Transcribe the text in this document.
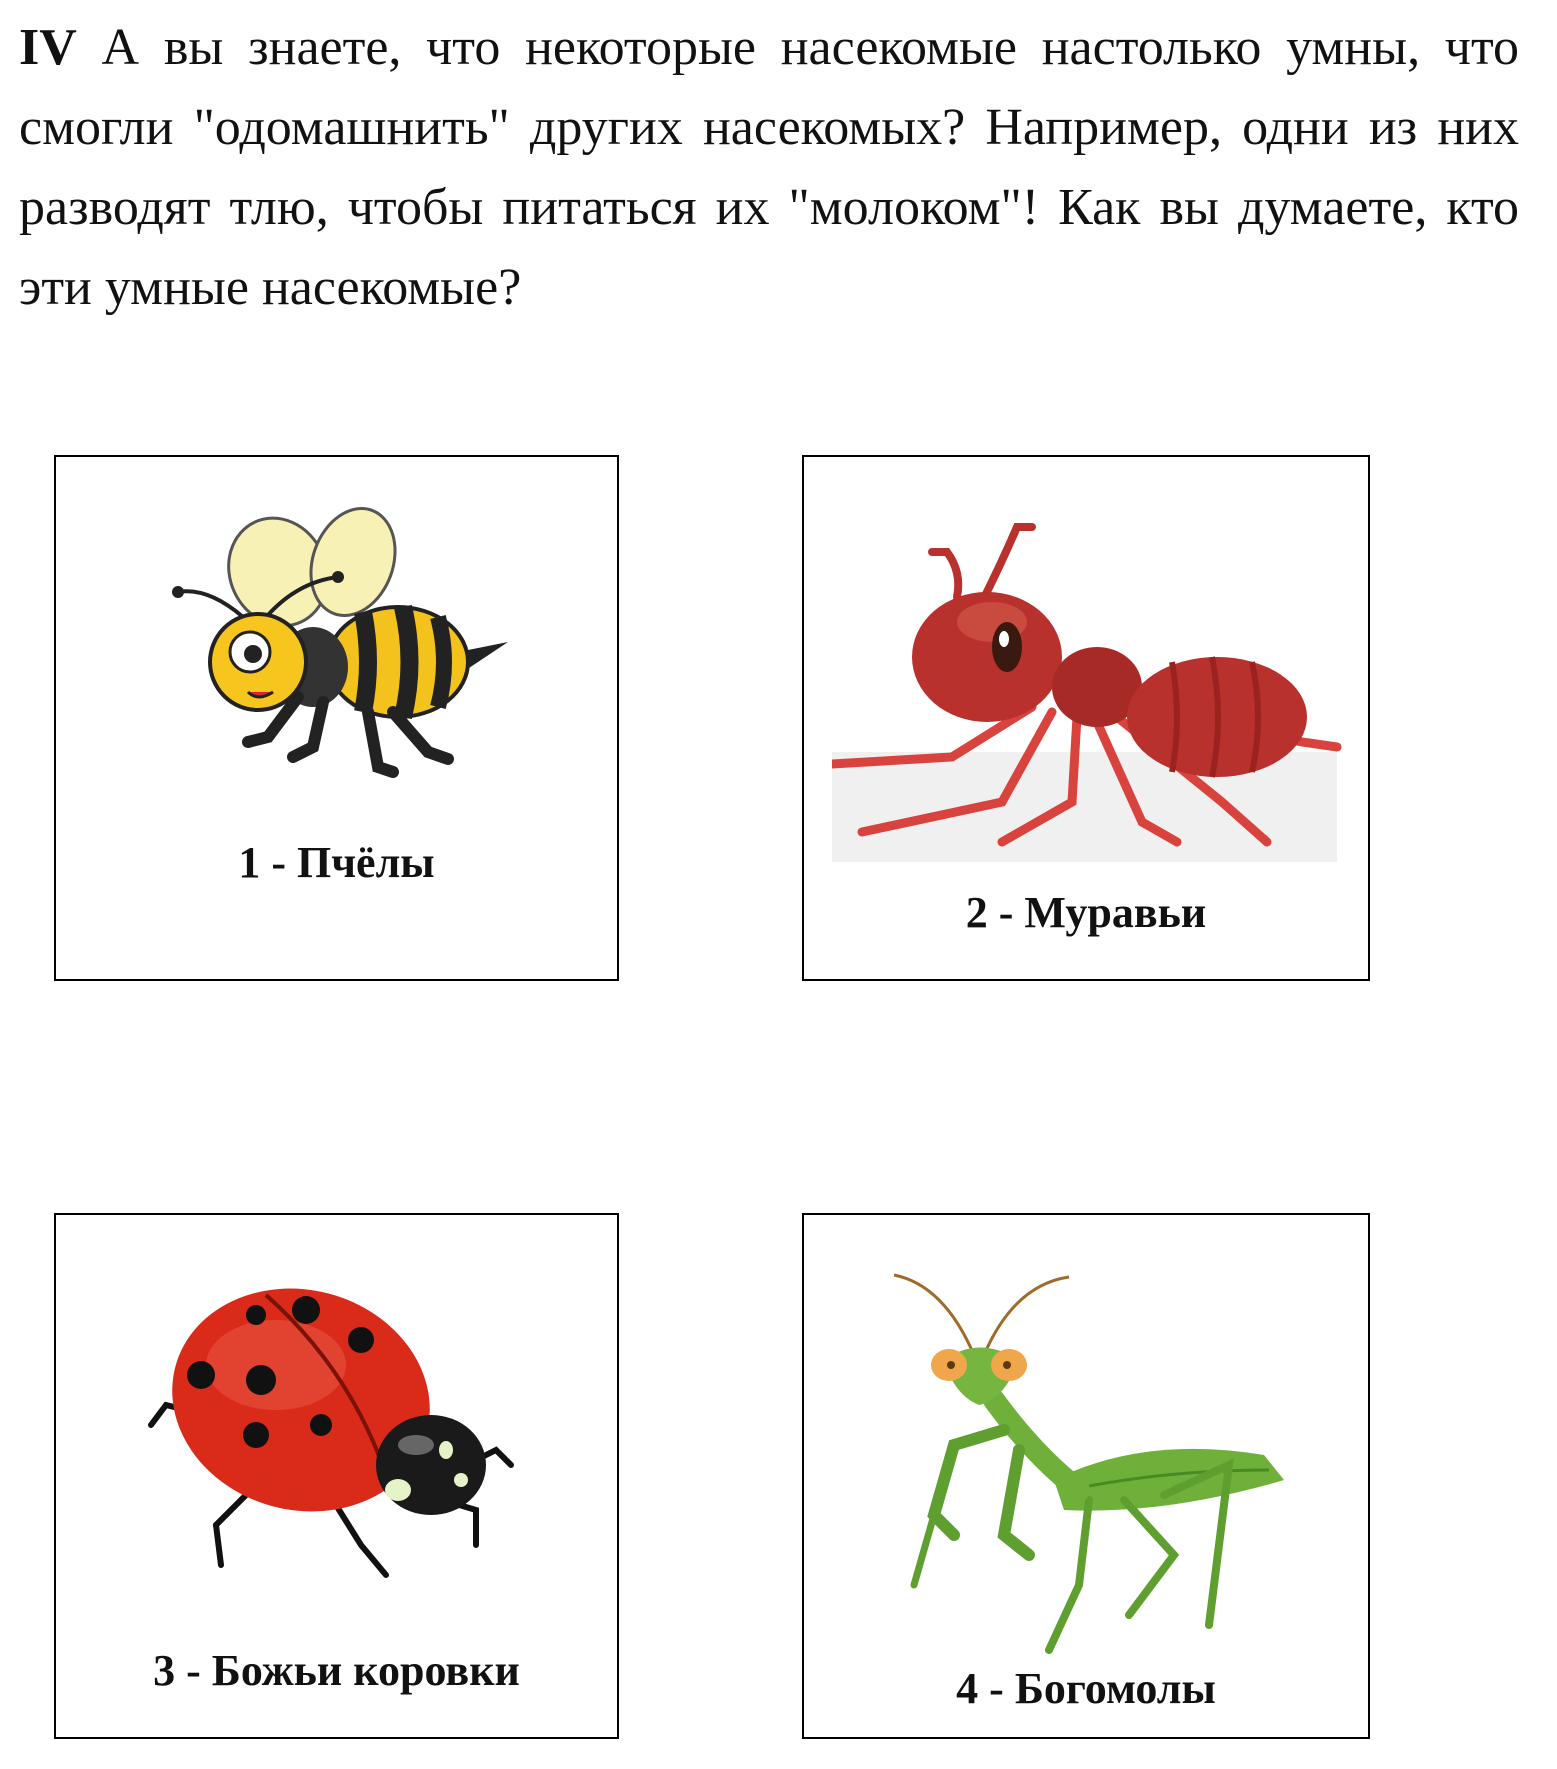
IV А вы знаете, что некоторые насекомые настолько умны, что смогли "одомашнить" других насекомых? Например, одни из них разводят тлю, чтобы питаться их "молоком"! Как вы думаете, кто эти умные насекомые?

1 - Пчёлы
2 - Муравьи
3 - Божьи коровки	4 - Богомолы
